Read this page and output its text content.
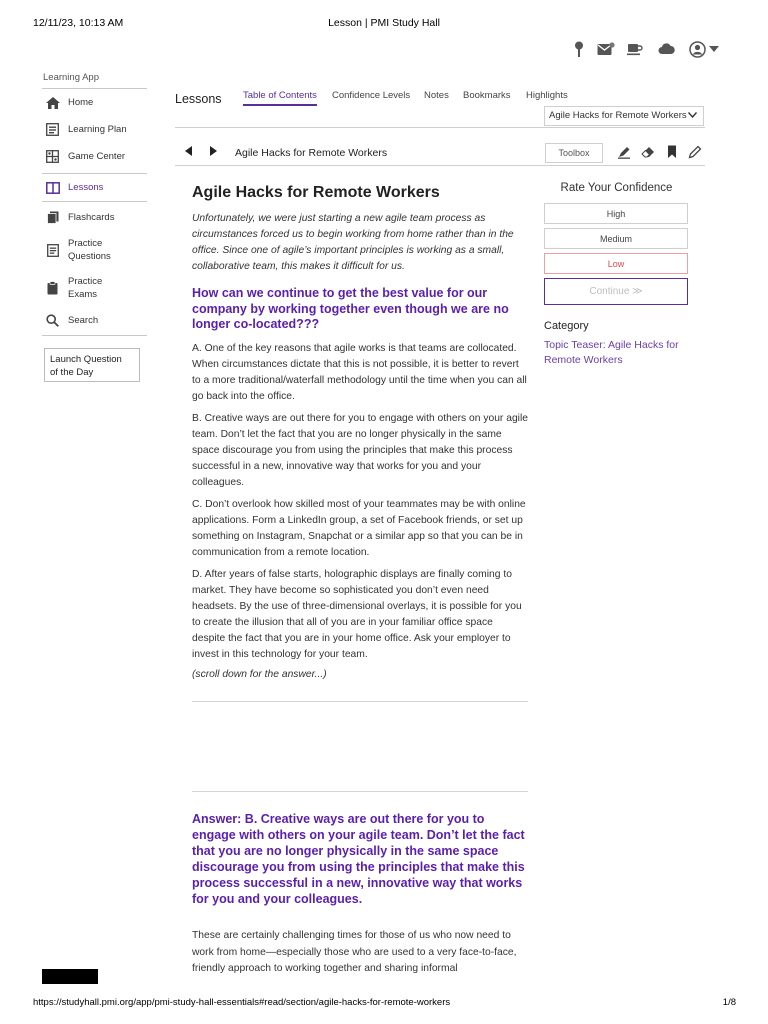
12/11/23, 10:13 AM	Lesson | PMI Study Hall
Learning App
Home
Learning Plan
Game Center
Lessons
Flashcards
Practice
Questions
Practice
Exams
Search
Launch Question
of the Day
Lessons Table of Contents Confidence Levels Notes Bookmarks Highlights
Agile Hacks for Remote Workers
Agile Hacks for Remote Workers	Toolbox
Agile Hacks for Remote Workers
Unfortunately, we were just starting a new agile team process as circumstances forced us to begin working from home rather than in the office. Since one of agile’s important principles is working as a small, collaborative team, this makes it difficult for us.
How can we continue to get the best value for our company by working together even though we are no longer co-located???
A. One of the key reasons that agile works is that teams are collocated. When circumstances dictate that this is not possible, it is better to revert to a more traditional/waterfall methodology until the time when you can all go back into the office.
B. Creative ways are out there for you to engage with others on your agile team. Don’t let the fact that you are no longer physically in the same space discourage you from using the principles that make this process successful in a new, innovative way that works for you and your colleagues.
C. Don’t overlook how skilled most of your teammates may be with online applications. Form a LinkedIn group, a set of Facebook friends, or set up something on Instagram, Snapchat or a similar app so that you can be in communication from a remote location.
D. After years of false starts, holographic displays are finally coming to market. They have become so sophisticated you don’t even need headsets. By the use of three-dimensional overlays, it is possible for you to create the illusion that all of you are in your familiar office space despite the fact that you are in your home office. Ask your employer to invest in this technology for your team.
(scroll down for the answer...)
Answer: B. Creative ways are out there for you to engage with others on your agile team. Don’t let the fact that you are no longer physically in the same space discourage you from using the principles that make this process successful in a new, innovative way that works for you and your colleagues.
These are certainly challenging times for those of us who now need to work from home—especially those who are used to a very face-to-face, friendly approach to working together and sharing informal
Rate Your Confidence
High
Medium
Low
Continue ≫
Category
Topic Teaser: Agile Hacks for Remote Workers
https://studyhall.pmi.org/app/pmi-study-hall-essentials#read/section/agile-hacks-for-remote-workers	1/8
